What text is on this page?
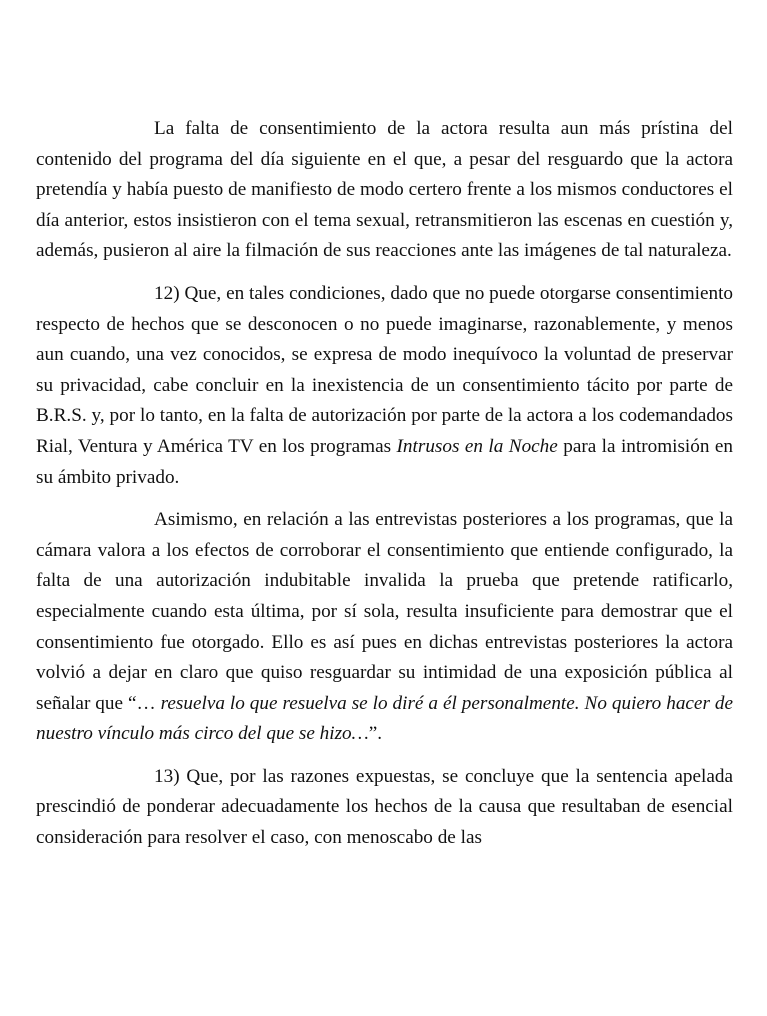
La falta de consentimiento de la actora resulta aun más prístina del contenido del programa del día siguiente en el que, a pesar del resguardo que la actora pretendía y había puesto de manifiesto de modo certero frente a los mismos conductores el día anterior, estos insistieron con el tema sexual, retransmitieron las escenas en cuestión y, además, pusieron al aire la filmación de sus reacciones ante las imágenes de tal naturaleza.

12) Que, en tales condiciones, dado que no puede otorgarse consentimiento respecto de hechos que se desconocen o no puede imaginarse, razonablemente, y menos aun cuando, una vez conocidos, se expresa de modo inequívoco la voluntad de preservar su privacidad, cabe concluir en la inexistencia de un consentimiento tácito por parte de B.R.S. y, por lo tanto, en la falta de autorización por parte de la actora a los codemandados Rial, Ventura y América TV en los programas Intrusos en la Noche para la intromisión en su ámbito privado.

Asimismo, en relación a las entrevistas posteriores a los programas, que la cámara valora a los efectos de corroborar el consentimiento que entiende configurado, la falta de una autorización indubitable invalida la prueba que pretende ratificarlo, especialmente cuando esta última, por sí sola, resulta insuficiente para demostrar que el consentimiento fue otorgado. Ello es así pues en dichas entrevistas posteriores la actora volvió a dejar en claro que quiso resguardar su intimidad de una exposición pública al señalar que “… resuelva lo que resuelva se lo diré a él personalmente. No quiero hacer de nuestro vínculo más circo del que se hizo…”.

13) Que, por las razones expuestas, se concluye que la sentencia apelada prescindió de ponderar adecuadamente los hechos de la causa que resultaban de esencial consideración para resolver el caso, con menoscabo de las
